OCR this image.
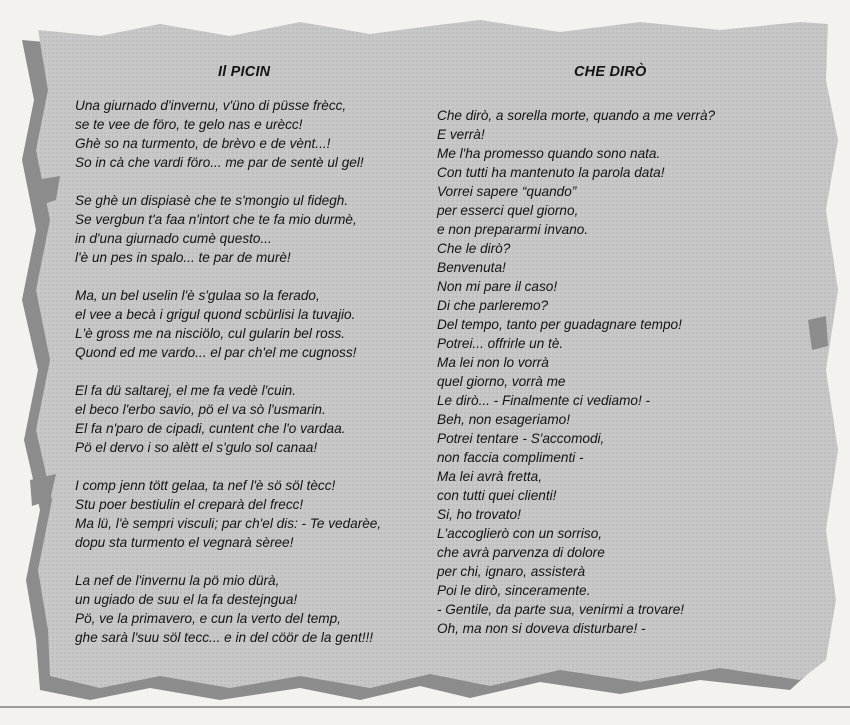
Il PICIN

Una giurnado d'invernu, v'üno di püsse frècc,
se te vee de föro, te gelo nas e urècc!
Ghè so na turmento, de brèvo e de vènt...!
So in cà che vardi föro... me par de sentè ul gel!

Se ghè un dispiasè che te s'mongio ul fidegh.
Se vergbun t'a faa n'intort che te fa mio durmè,
in d'una giurnado cumè questo...
l'è un pes in spalo... te par de murè!

Ma, un bel uselin l'è s'gulaa so la ferado,
el vee a becà i grigul quond scbürlisi la tuvajio.
L'è gross me na nisciölo, cul gularin bel ross.
Quond ed me vardo... el par ch'el me cugnoss!

El fa dü saltarej, el me fa vedè l'cuin.
el beco l'erbo savio, pö el va sò l'usmarin.
El fa n'paro de cipadi, cuntent che l'o vardaa.
Pö el dervo i so alètt el s'gulo sol canaa!

I comp jenn tött gelaa, ta nef l'è sö söl tècc!
Stu poer bestiulin el creparà del frecc!
Ma lü, l'è sempri visculi; par ch'el dis: - Te vedarèe,
dopu sta turmento el vegnarà sèree!

La nef de l'invernu la pö mio dürà,
un ugiado de suu el la fa destejngua!
Pö, ve la primavero, e cun la verto del temp,
ghe sarà l'suu söl tecc... e in del cöör de la gent!!!

CHE DIRÒ
Che dirò, a sorella morte, quando a me verrà?
E verrà!
Me l'ha promesso quando sono nata.
Con tutti ha mantenuto la parola data!
Vorrei sapere “quando”
per esserci quel giorno,
e non prepararmi invano.
Che le dirò?
Benvenuta!
Non mi pare il caso!
Di che parleremo?
Del tempo, tanto per guadagnare tempo!
Potrei... offrirle un tè.
Ma lei non lo vorrà
quel giorno, vorrà me
Le dirò... - Finalmente ci vediamo! -
Beh, non esageriamo!
Potrei tentare - S'accomodi,
non faccia complimenti -
Ma lei avrà fretta,
con tutti quei clienti!
Si, ho trovato!
L'accoglierò con un sorriso,
che avrà parvenza di dolore
per chi, ignaro, assisterà
Poi le dirò, sinceramente.
- Gentile, da parte sua, venirmi a trovare!
Oh, ma non si doveva disturbare! -
